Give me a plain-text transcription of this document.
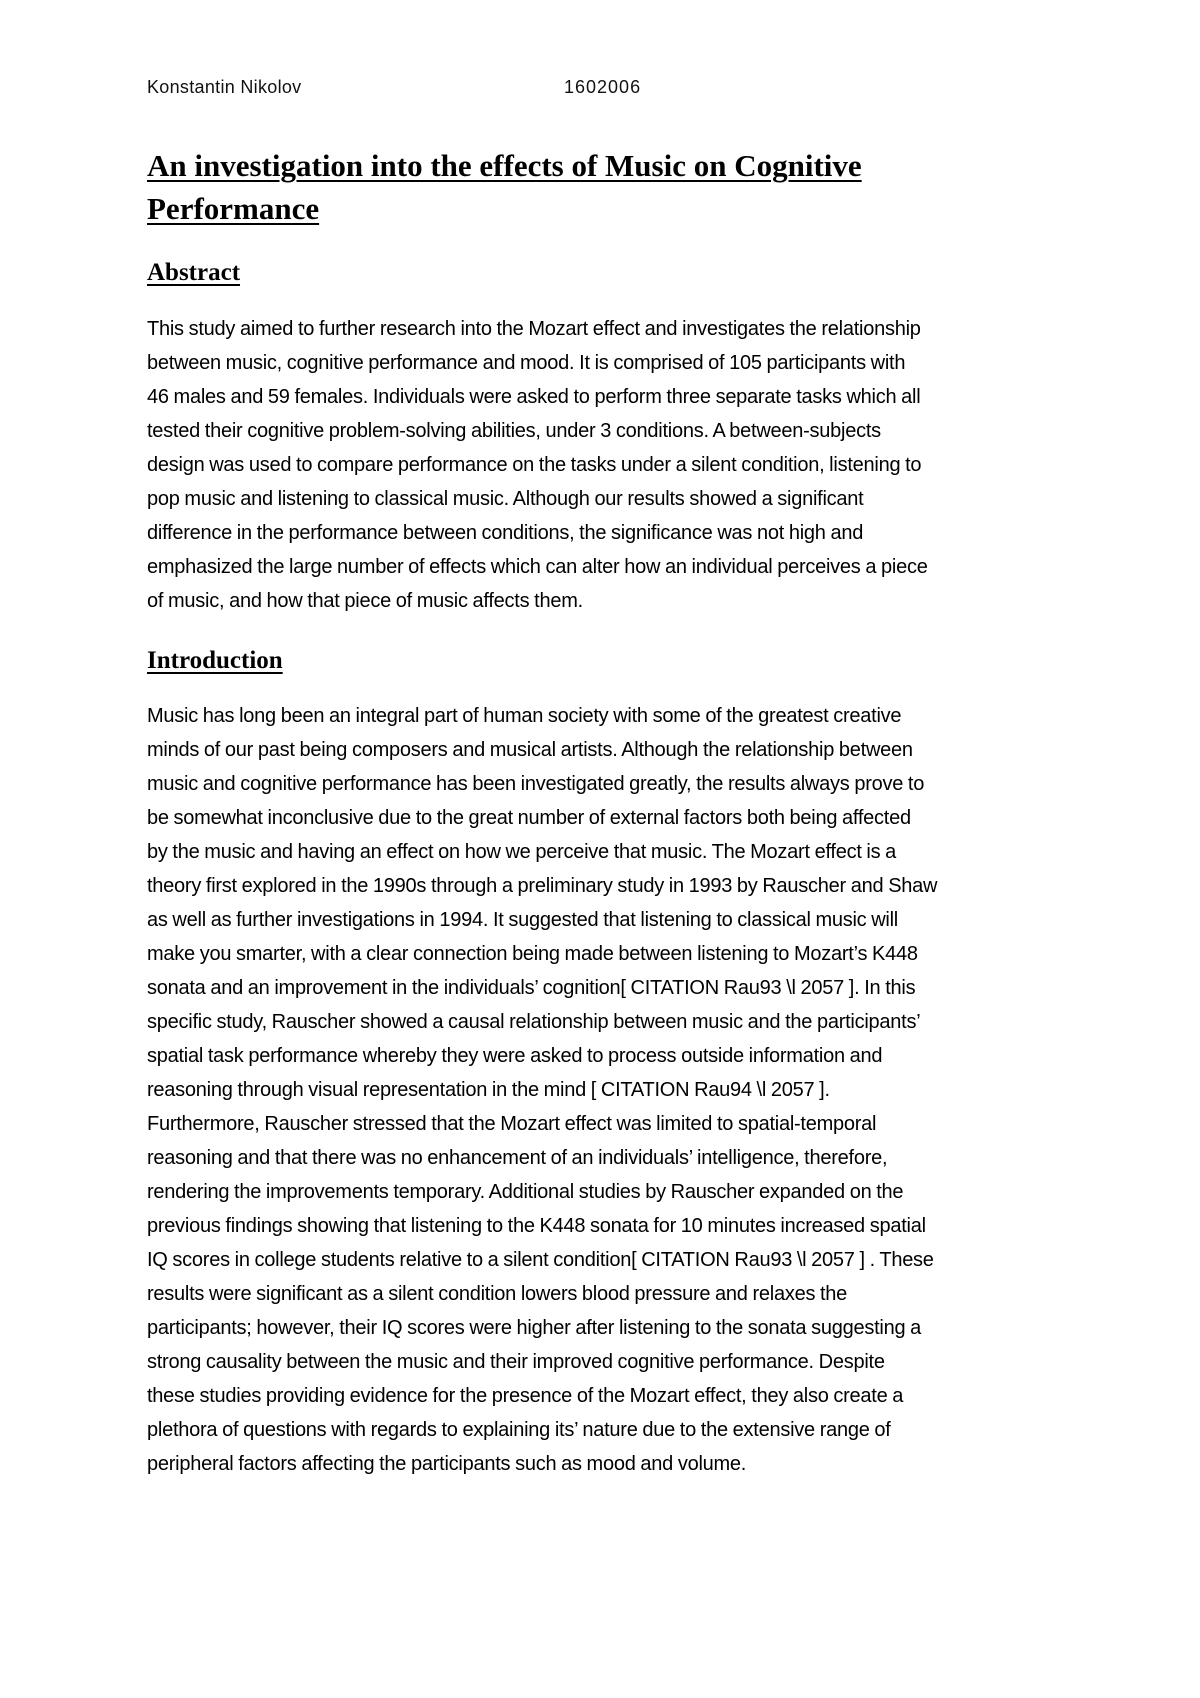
Konstantin Nikolov	1602006
An investigation into the effects of Music on Cognitive
Performance
Abstract

This study aimed to further research into the Mozart effect and investigates the relationship
between music, cognitive performance and mood. It is comprised of 105 participants with
46 males and 59 females. Individuals were asked to perform three separate tasks which all
tested their cognitive problem-solving abilities, under 3 conditions. A between-subjects
design was used to compare performance on the tasks under a silent condition, listening to
pop music and listening to classical music. Although our results showed a significant
difference in the performance between conditions, the significance was not high and
emphasized the large number of effects which can alter how an individual perceives a piece
of music, and how that piece of music affects them.

Introduction

Music has long been an integral part of human society with some of the greatest creative
minds of our past being composers and musical artists. Although the relationship between
music and cognitive performance has been investigated greatly, the results always prove to
be somewhat inconclusive due to the great number of external factors both being affected
by the music and having an effect on how we perceive that music. The Mozart effect is a
theory first explored in the 1990s through a preliminary study in 1993 by Rauscher and Shaw
as well as further investigations in 1994. It suggested that listening to classical music will
make you smarter, with a clear connection being made between listening to Mozart’s K448
sonata and an improvement in the individuals’ cognition[ CITATION Rau93 \l 2057 ]. In this
specific study, Rauscher showed a causal relationship between music and the participants’
spatial task performance whereby they were asked to process outside information and
reasoning through visual representation in the mind [ CITATION Rau94 \l 2057 ].
Furthermore, Rauscher stressed that the Mozart effect was limited to spatial-temporal
reasoning and that there was no enhancement of an individuals’ intelligence, therefore,
rendering the improvements temporary. Additional studies by Rauscher expanded on the
previous findings showing that listening to the K448 sonata for 10 minutes increased spatial
IQ scores in college students relative to a silent condition[ CITATION Rau93 \l 2057 ] . These
results were significant as a silent condition lowers blood pressure and relaxes the
participants; however, their IQ scores were higher after listening to the sonata suggesting a
strong causality between the music and their improved cognitive performance. Despite
these studies providing evidence for the presence of the Mozart effect, they also create a
plethora of questions with regards to explaining its’ nature due to the extensive range of
peripheral factors affecting the participants such as mood and volume.
